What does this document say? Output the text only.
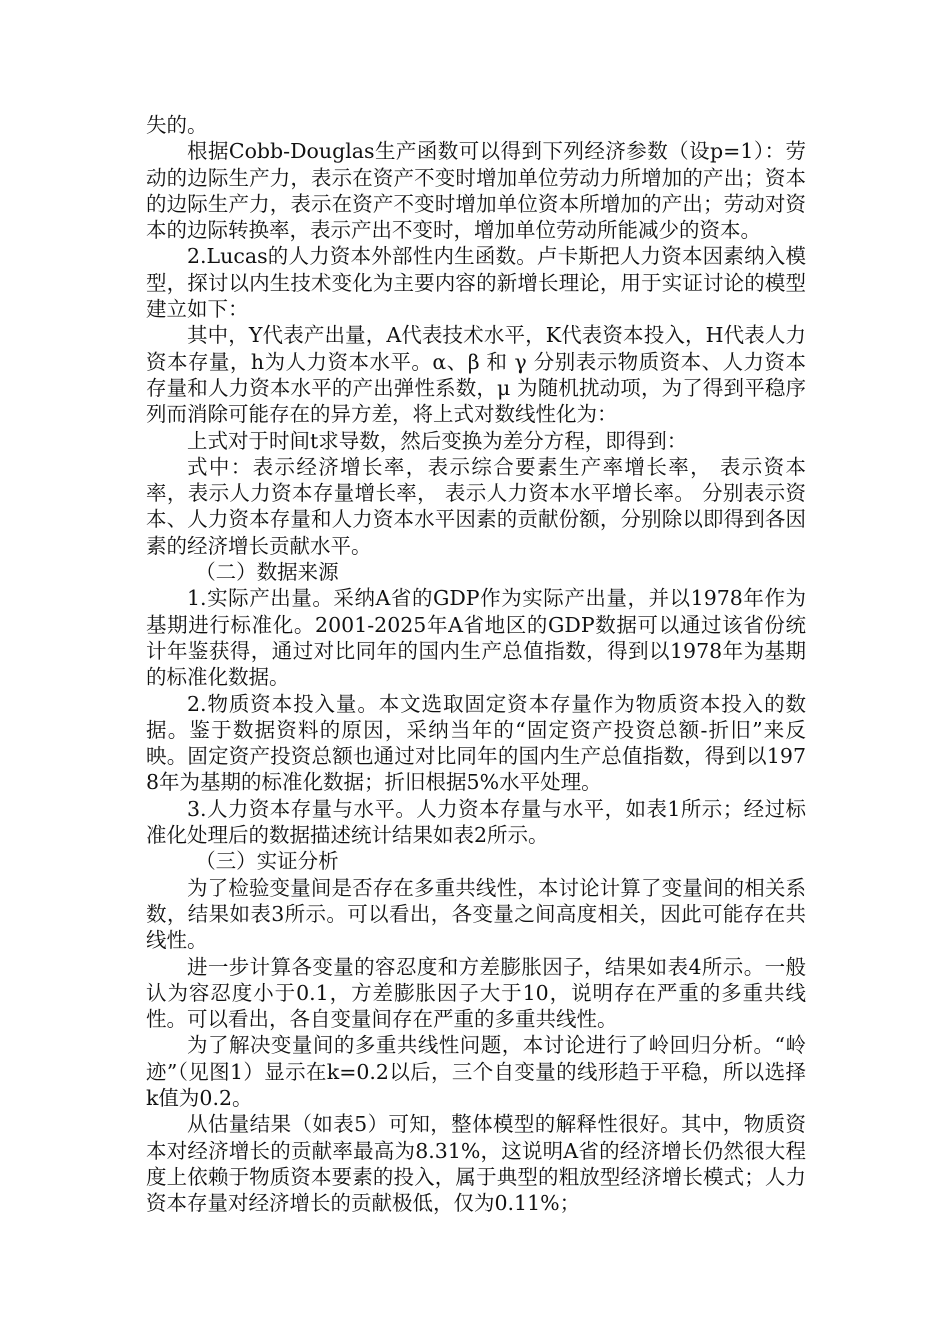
失的。

根据Cobb-Douglas生产函数可以得到下列经济参数（设p=1）：劳动的边际生产力，表示在资产不变时增加单位劳动力所增加的产出；资本的边际生产力，表示在资产不变时增加单位资本所增加的产出；劳动对资本的边际转换率，表示产出不变时，增加单位劳动所能减少的资本。

2.Lucas的人力资本外部性内生函数。卢卡斯把人力资本因素纳入模型，探讨以内生技术变化为主要内容的新增长理论，用于实证讨论的模型建立如下：

其中，Y代表产出量，A代表技术水平，K代表资本投入，H代表人力资本存量，h为人力资本水平。α、β 和 γ 分别表示物质资本、人力资本存量和人力资本水平的产出弹性系数，μ 为随机扰动项，为了得到平稳序列而消除可能存在的异方差，将上式对数线性化为：

上式对于时间t求导数，然后变换为差分方程，即得到：

式中：表示经济增长率，表示综合要素生产率增长率， 表示资本率，表示人力资本存量增长率， 表示人力资本水平增长率。 分别表示资本、人力资本存量和人力资本水平因素的贡献份额，分别除以即得到各因素的经济增长贡献水平。

（二）数据来源

1.实际产出量。采纳A省的GDP作为实际产出量，并以1978年作为基期进行标准化。2001-2025年A省地区的GDP数据可以通过该省份统计年鉴获得，通过对比同年的国内生产总值指数，得到以1978年为基期的标准化数据。

2.物质资本投入量。本文选取固定资本存量作为物质资本投入的数据。鉴于数据资料的原因，采纳当年的“固定资产投资总额-折旧”来反映。固定资产投资总额也通过对比同年的国内生产总值指数，得到以1978年为基期的标准化数据；折旧根据5%水平处理。

3.人力资本存量与水平。人力资本存量与水平，如表1所示；经过标准化处理后的数据描述统计结果如表2所示。

（三）实证分析

为了检验变量间是否存在多重共线性，本讨论计算了变量间的相关系数，结果如表3所示。可以看出，各变量之间高度相关，因此可能存在共线性。

进一步计算各变量的容忍度和方差膨胀因子，结果如表4所示。一般认为容忍度小于0.1，方差膨胀因子大于10，说明存在严重的多重共线性。可以看出，各自变量间存在严重的多重共线性。

为了解决变量间的多重共线性问题，本讨论进行了岭回归分析。“岭迹”（见图1）显示在k=0.2以后，三个自变量的线形趋于平稳，所以选择k值为0.2。

从估量结果（如表5）可知，整体模型的解释性很好。其中，物质资本对经济增长的贡献率最高为8.31%，这说明A省的经济增长仍然很大程度上依赖于物质资本要素的投入，属于典型的粗放型经济增长模式；人力资本存量对经济增长的贡献极低，仅为0.11%；
